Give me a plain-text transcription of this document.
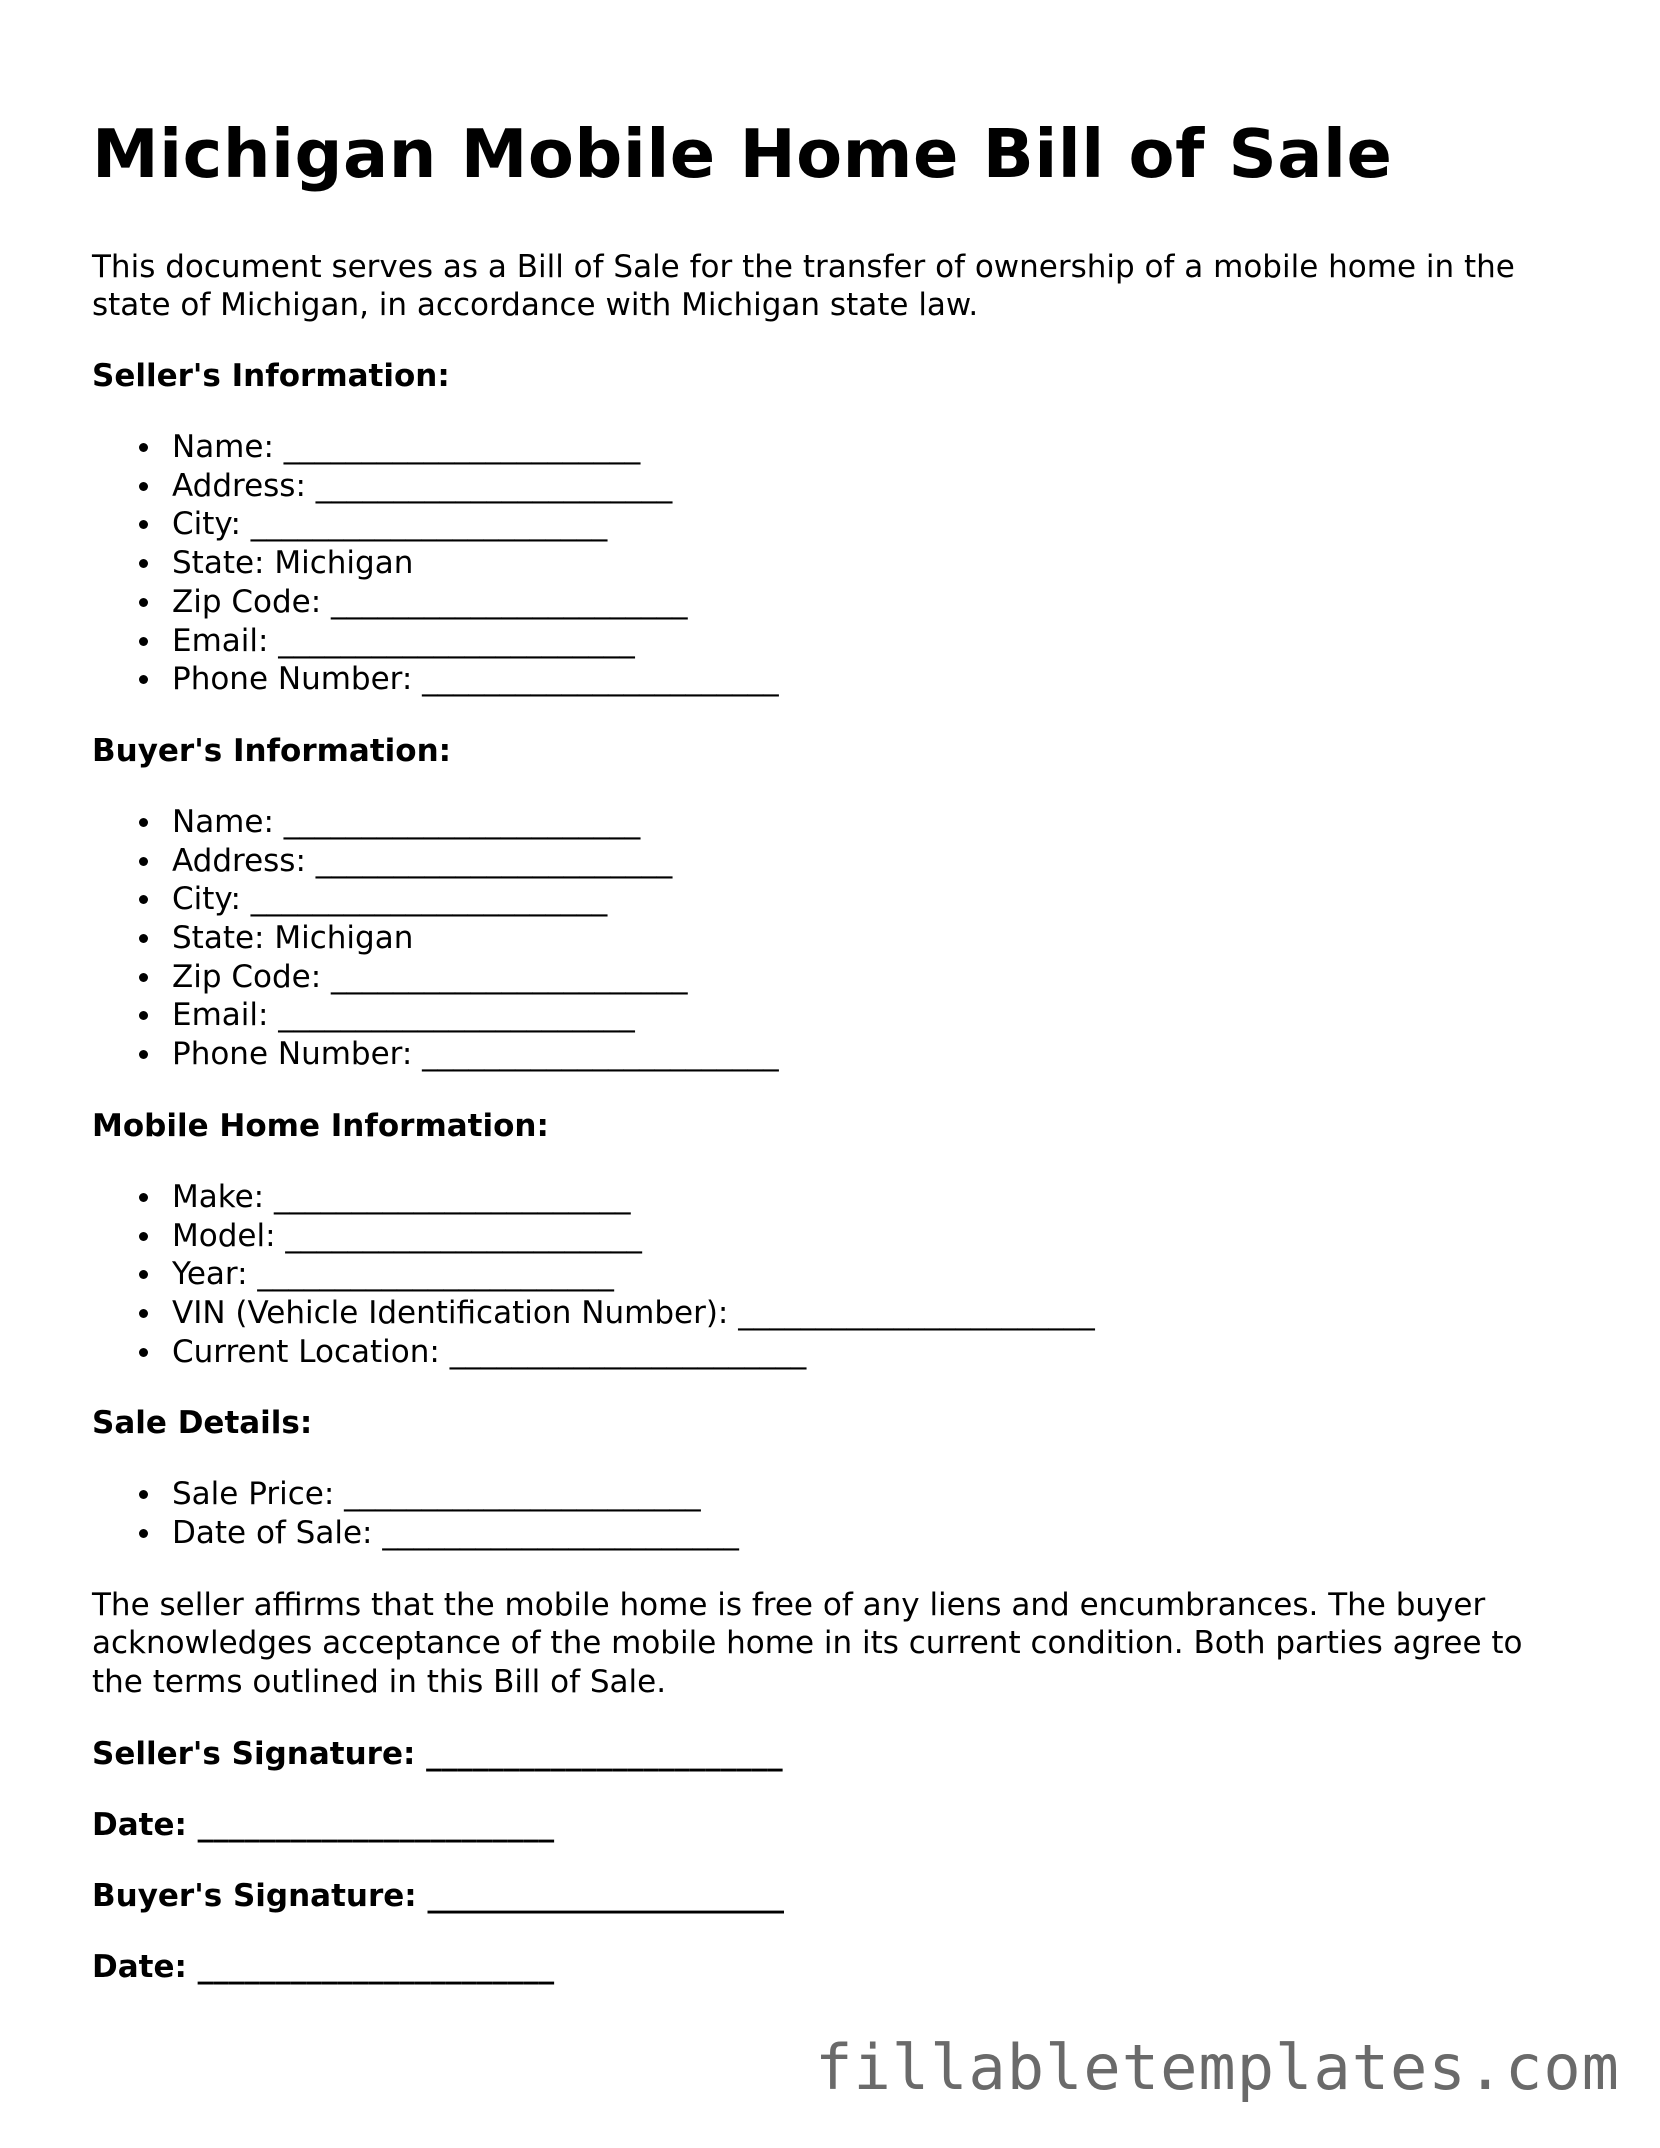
Michigan Mobile Home Bill of Sale

This document serves as a Bill of Sale for the transfer of ownership of a mobile home in the state of Michigan, in accordance with Michigan state law.

Seller's Information:
Name: _______________________
Address: _______________________
City: _______________________
State: Michigan
Zip Code: _______________________
Email: _______________________
Phone Number: _______________________
Buyer's Information:
Name: _______________________
Address: _______________________
City: _______________________
State: Michigan
Zip Code: _______________________
Email: _______________________
Phone Number: _______________________
Mobile Home Information:
Make: _______________________
Model: _______________________
Year: _______________________
VIN (Vehicle Identification Number): _______________________
Current Location: _______________________
Sale Details:
Sale Price: _______________________
Date of Sale: _______________________

The seller affirms that the mobile home is free of any liens and encumbrances. The buyer acknowledges acceptance of the mobile home in its current condition. Both parties agree to the terms outlined in this Bill of Sale.

Seller's Signature: _______________________
Date: _______________________
Buyer's Signature: _______________________
Date: _______________________
fillabletemplates.com
